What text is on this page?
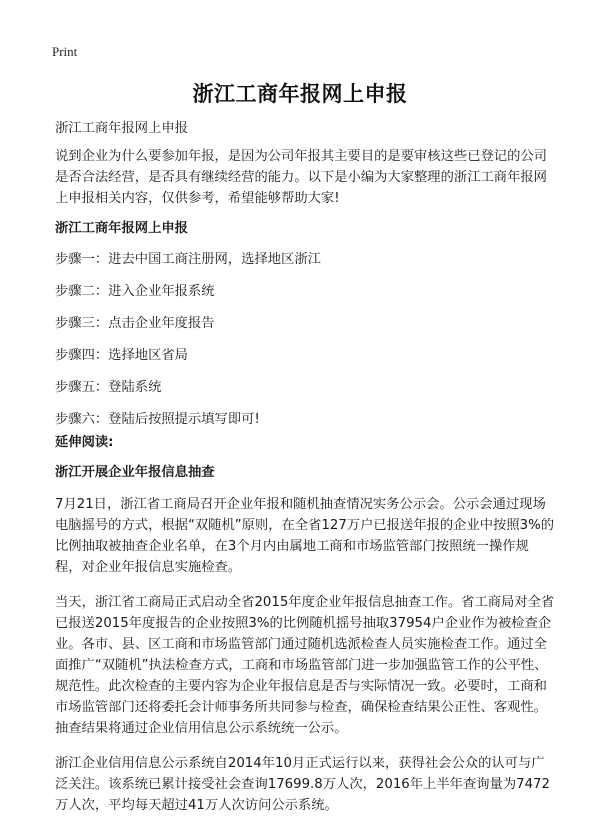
Print
浙江工商年报网上申报

浙江工商年报网上申报

说到企业为什么要参加年报，是因为公司年报其主要目的是要审核这些已登记的公司是否合法经营，是否具有继续经营的能力。以下是小编为大家整理的浙江工商年报网上申报相关内容，仅供参考，希望能够帮助大家!

浙江工商年报网上申报

步骤一：进去中国工商注册网，选择地区浙江

步骤二：进入企业年报系统

步骤三：点击企业年度报告

步骤四：选择地区省局

步骤五：登陆系统

步骤六：登陆后按照提示填写即可!

延伸阅读:

浙江开展企业年报信息抽查

7月21日，浙江省工商局召开企业年报和随机抽查情况实务公示会。公示会通过现场电脑摇号的方式，根据“双随机”原则，在全省127万户已报送年报的企业中按照3%的比例抽取被抽查企业名单，在3个月内由属地工商和市场监管部门按照统一操作规程，对企业年报信息实施检查。

当天，浙江省工商局正式启动全省2015年度企业年报信息抽查工作。省工商局对全省已报送2015年度报告的企业按照3%的比例随机摇号抽取37954户企业作为被检查企业。各市、县、区工商和市场监管部门通过随机选派检查人员实施检查工作。通过全面推广“双随机”执法检查方式，工商和市场监管部门进一步加强监管工作的公平性、规范性。此次检查的主要内容为企业年报信息是否与实际情况一致。必要时，工商和市场监管部门还将委托会计师事务所共同参与检查，确保检查结果公正性、客观性。抽查结果将通过企业信用信息公示系统统一公示。

浙江企业信用信息公示系统自2014年10月正式运行以来，获得社会公众的认可与广泛关注。该系统已累计接受社会查询17699.8万人次，2016年上半年查询量为7472万人次，平均每天超过41万人次访问公示系统。
